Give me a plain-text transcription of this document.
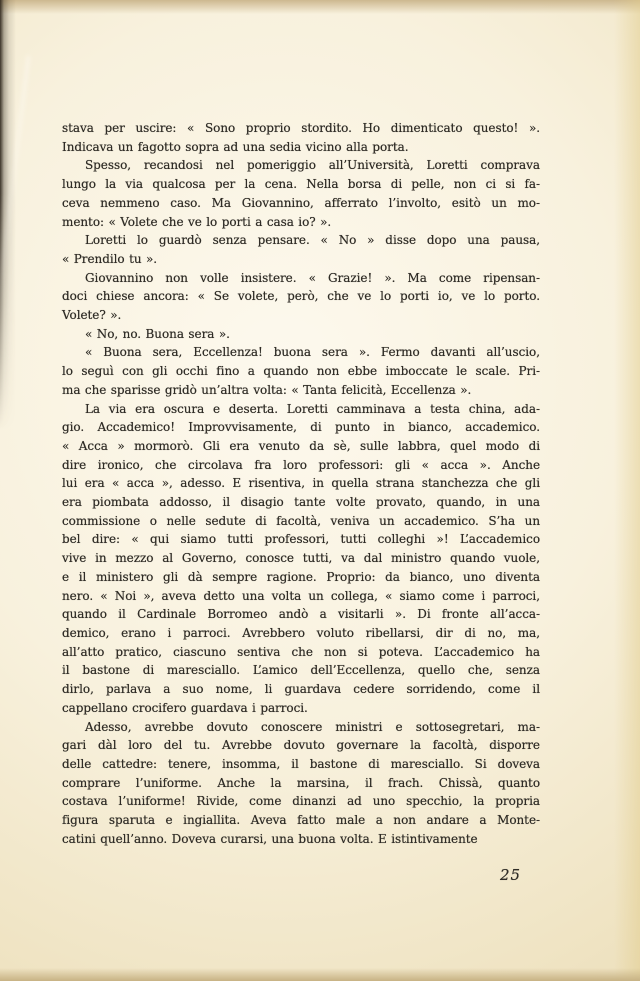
stava per uscire: « Sono proprio stordito. Ho dimenticato questo! ».
Indicava un fagotto sopra ad una sedia vicino alla porta.
Spesso, recandosi nel pomeriggio all’Università, Loretti comprava
lungo la via qualcosa per la cena. Nella borsa di pelle, non ci si fa-
ceva nemmeno caso. Ma Giovannino, afferrato l’involto, esitò un mo-
mento: « Volete che ve lo porti a casa io? ».
Loretti lo guardò senza pensare. « No » disse dopo una pausa,
« Prendilo tu ».
Giovannino non volle insistere. « Grazie! ». Ma come ripensan-
doci chiese ancora: « Se volete, però, che ve lo porti io, ve lo porto.
Volete? ».
« No, no. Buona sera ».
« Buona sera, Eccellenza! buona sera ». Fermo davanti all’uscio,
lo seguì con gli occhi fino a quando non ebbe imboccate le scale. Pri-
ma che sparisse gridò un’altra volta: « Tanta felicità, Eccellenza ».
La via era oscura e deserta. Loretti camminava a testa china, ada-
gio. Accademico! Improvvisamente, di punto in bianco, accademico.
« Acca » mormorò. Gli era venuto da sè, sulle labbra, quel modo di
dire ironico, che circolava fra loro professori: gli « acca ». Anche
lui era « acca », adesso. E risentiva, in quella strana stanchezza che gli
era piombata addosso, il disagio tante volte provato, quando, in una
commissione o nelle sedute di facoltà, veniva un accademico. S’ha un
bel dire: « qui siamo tutti professori, tutti colleghi »! L’accademico
vive in mezzo al Governo, conosce tutti, va dal ministro quando vuole,
e il ministero gli dà sempre ragione. Proprio: da bianco, uno diventa
nero. « Noi », aveva detto una volta un collega, « siamo come i parroci,
quando il Cardinale Borromeo andò a visitarli ». Di fronte all’acca-
demico, erano i parroci. Avrebbero voluto ribellarsi, dir di no, ma,
all’atto pratico, ciascuno sentiva che non si poteva. L’accademico ha
il bastone di maresciallo. L’amico dell’Eccellenza, quello che, senza
dirlo, parlava a suo nome, li guardava cedere sorridendo, come il
cappellano crocifero guardava i parroci.
Adesso, avrebbe dovuto conoscere ministri e sottosegretari, ma-
gari dàl loro del tu. Avrebbe dovuto governare la facoltà, disporre
delle cattedre: tenere, insomma, il bastone di maresciallo. Si doveva
comprare l’uniforme. Anche la marsina, il frach. Chissà, quanto
costava l’uniforme! Rivide, come dinanzi ad uno specchio, la propria
figura sparuta e ingiallita. Aveva fatto male a non andare a Monte-
catini quell’anno. Doveva curarsi, una buona volta. E istintivamente
25
